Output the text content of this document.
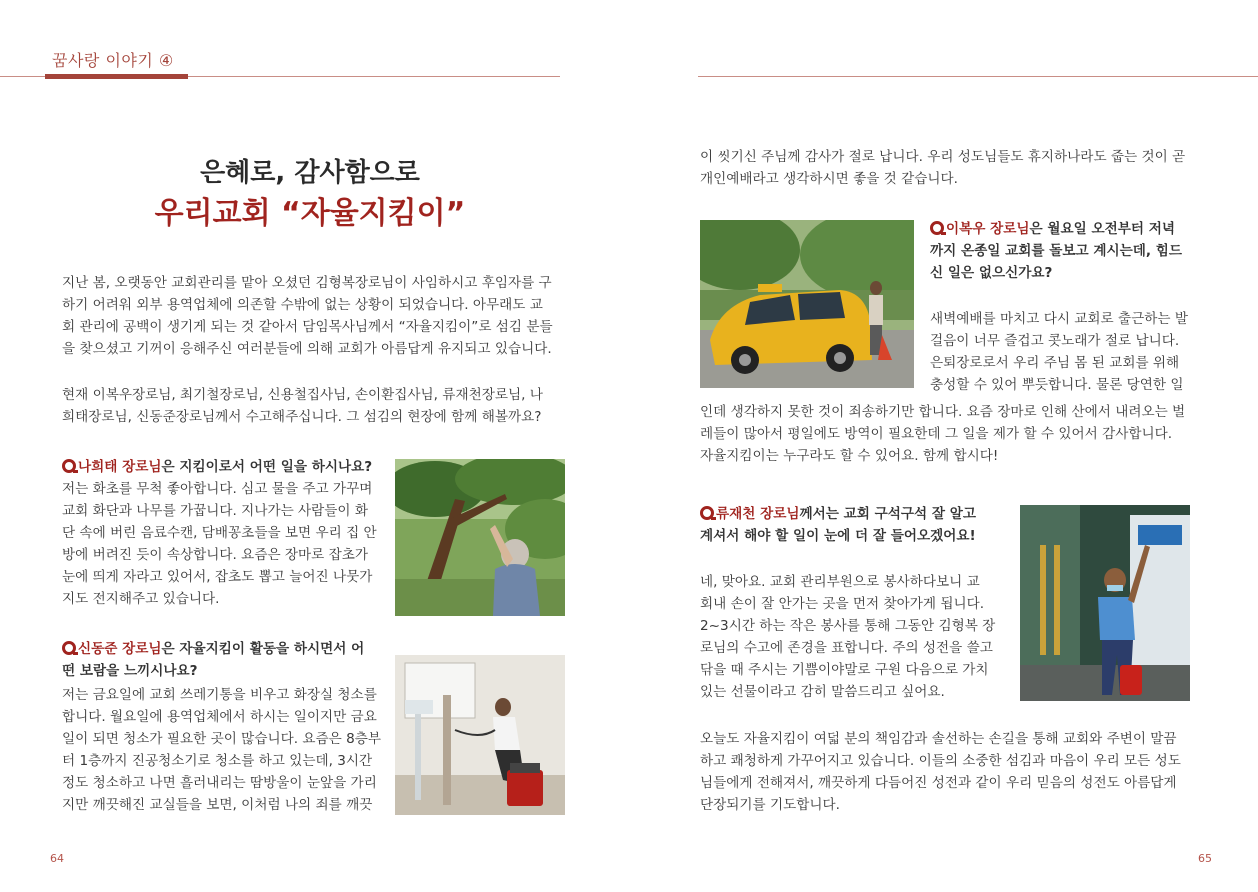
꿈사랑 이야기 ④
은혜로, 감사함으로
우리교회 “자율지킴이”

지난 봄, 오랫동안 교회관리를 맡아 오셨던 김형복장로님이 사임하시고 후임자를 구

하기 어려워 외부 용역업체에 의존할 수밖에 없는 상황이 되었습니다. 아무래도 교

회 관리에 공백이 생기게 되는 것 같아서 담임목사님께서 “자율지킴이”로 섬김 분들

을 찾으셨고 기꺼이 응해주신 여러분들에 의해 교회가 아름답게 유지되고 있습니다.

현재 이복우장로님, 최기철장로님, 신용철집사님, 손이환집사님, 류재천장로님, 나

희태장로님, 신동준장로님께서 수고해주십니다. 그 섬김의 현장에 함께 해볼까요?

나희태 장로님은 지킴이로서 어떤 일을 하시나요?

저는 화초를 무척 좋아합니다. 심고 물을 주고 가꾸며

교회 화단과 나무를 가꿉니다. 지나가는 사람들이 화

단 속에 버린 음료수캔, 담배꽁초들을 보면 우리 집 안

방에 버려진 듯이 속상합니다. 요즘은 장마로 잡초가

눈에 띄게 자라고 있어서, 잡초도 뽑고 늘어진 나뭇가

지도 전지해주고 있습니다.

신동준 장로님은 자율지킴이 활동을 하시면서 어
떤 보람을 느끼시나요?

저는 금요일에 교회 쓰레기통을 비우고 화장실 청소를

합니다. 월요일에 용역업체에서 하시는 일이지만 금요

일이 되면 청소가 필요한 곳이 많습니다. 요즘은 8층부

터 1층까지 진공청소기로 청소를 하고 있는데, 3시간

정도 청소하고 나면 흘러내리는 땀방울이 눈앞을 가리

지만 깨끗해진 교실들을 보면, 이처럼 나의 죄를 깨끗

이 씻기신 주님께 감사가 절로 납니다. 우리 성도님들도 휴지하나라도 줍는 것이 곧

개인예배라고 생각하시면 좋을 것 같습니다.

이복우 장로님은 월요일 오전부터 저녁
까지 온종일 교회를 돌보고 계시는데, 힘드
신 일은 없으신가요?

새벽예배를 마치고 다시 교회로 출근하는 발

걸음이 너무 즐겁고 콧노래가 절로 납니다.

은퇴장로로서 우리 주님 몸 된 교회를 위해

충성할 수 있어 뿌듯합니다. 물론 당연한 일

인데 생각하지 못한 것이 죄송하기만 합니다. 요즘 장마로 인해 산에서 내려오는 벌

레들이 많아서 평일에도 방역이 필요한데 그 일을 제가 할 수 있어서 감사합니다.

자율지킴이는 누구라도 할 수 있어요. 함께 합시다!

류재천 장로님께서는 교회 구석구석 잘 알고
계셔서 해야 할 일이 눈에 더 잘 들어오겠어요!

네, 맞아요. 교회 관리부원으로 봉사하다보니 교

회내 손이 잘 안가는 곳을 먼저 찾아가게 됩니다.

2~3시간 하는 작은 봉사를 통해 그동안 김형복 장

로님의 수고에 존경을 표합니다. 주의 성전을 쓸고

닦을 때 주시는 기쁨이야말로 구원 다음으로 가치

있는 선물이라고 감히 말씀드리고 싶어요.

오늘도 자율지킴이 여덟 분의 책임감과 솔선하는 손길을 통해 교회와 주변이 말끔

하고 쾌청하게 가꾸어지고 있습니다. 이들의 소중한 섬김과 마음이 우리 모든 성도

님들에게 전해져서, 깨끗하게 다듬어진 성전과 같이 우리 믿음의 성전도 아름답게

단장되기를 기도합니다.

64	65
